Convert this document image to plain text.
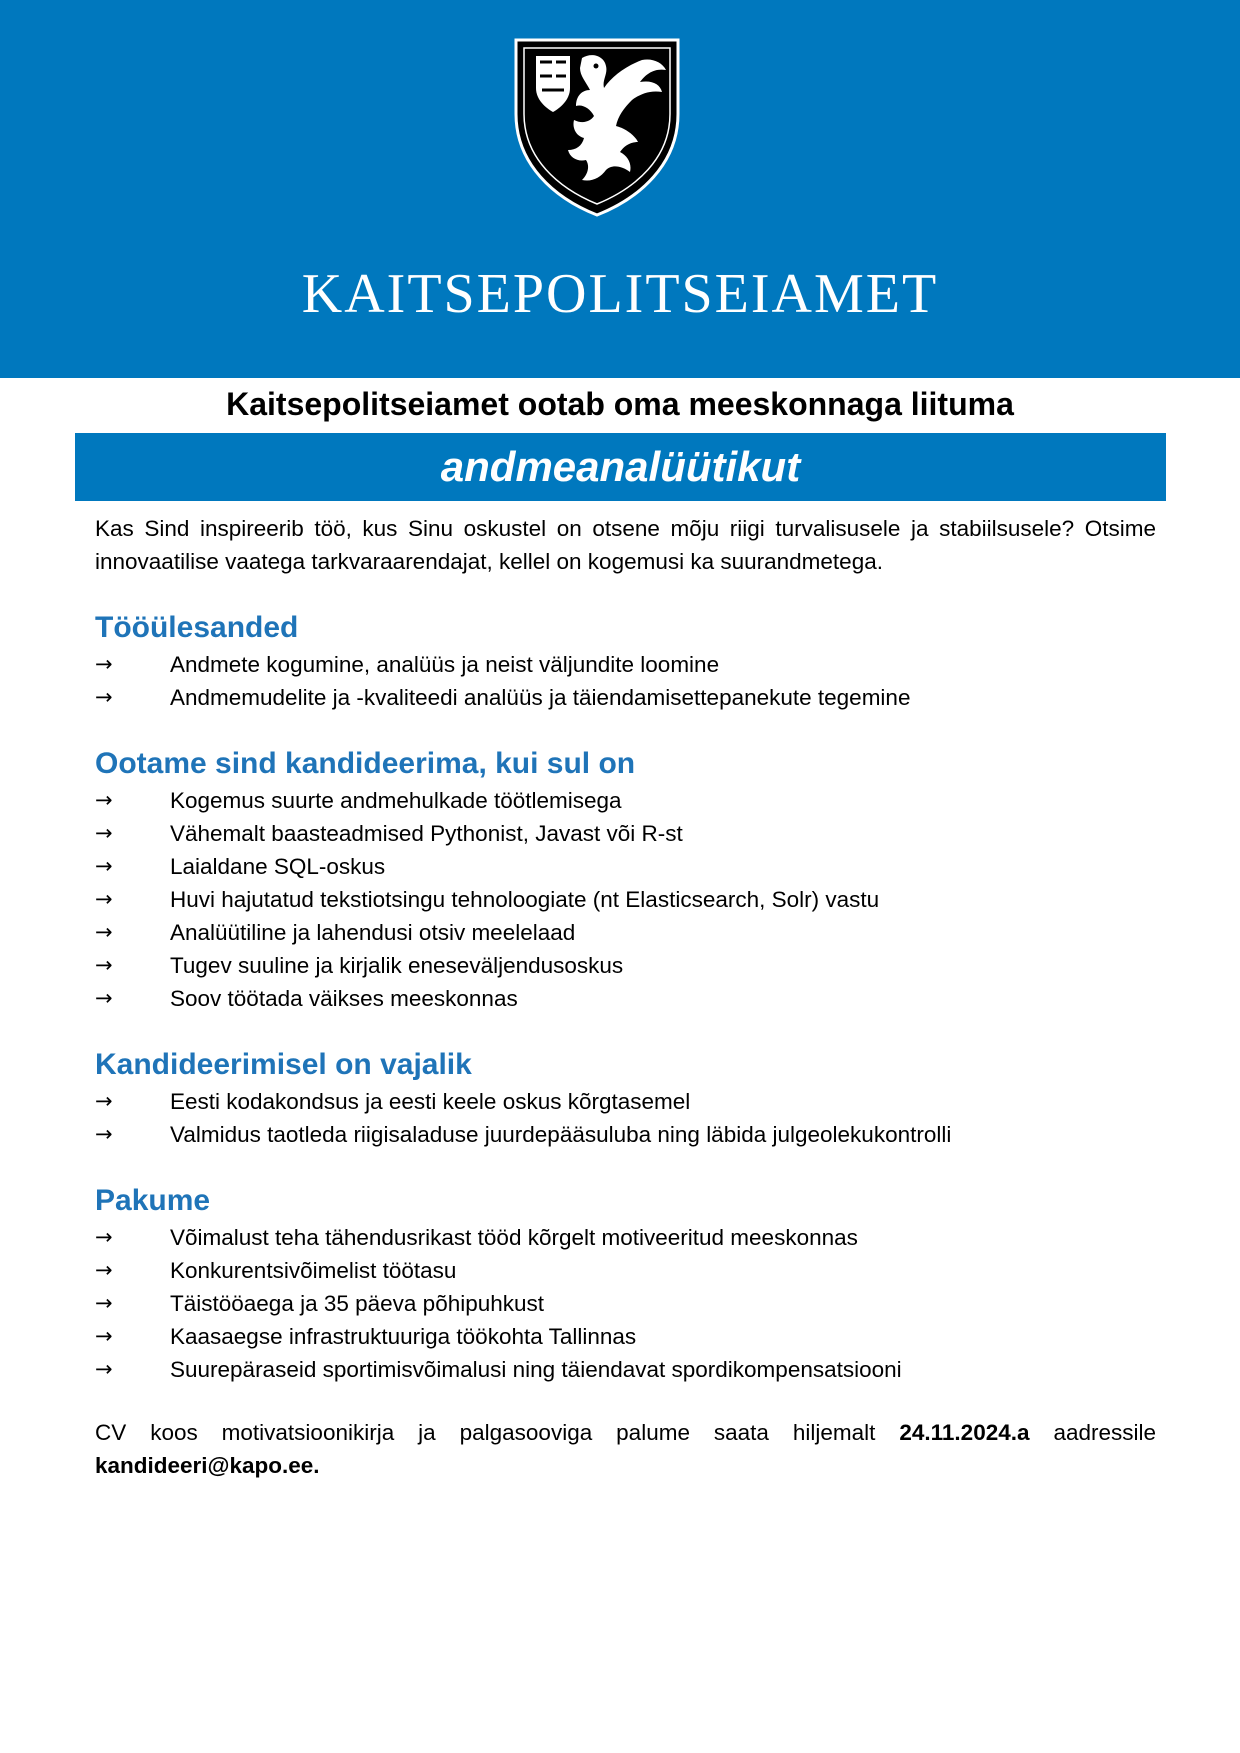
KAITSEPOLITSEIAMET
Kaitsepolitseiamet ootab oma meeskonnaga liituma
andmeanalüütikut

Kas Sind inspireerib töö, kus Sinu oskustel on otsene mõju riigi turvalisusele ja stabiilsusele? Otsime innovaatilise vaatega tarkvaraarendajat, kellel on kogemusi ka suurandmetega.

Tööülesanded
→	Andmete kogumine, analüüs ja neist väljundite loomine
→	Andmemudelite ja -kvaliteedi analüüs ja täiendamisettepanekute tegemine
Ootame sind kandideerima, kui sul on
→	Kogemus suurte andmehulkade töötlemisega
→	Vähemalt baasteadmised Pythonist, Javast või R-st
→	Laialdane SQL-oskus
→	Huvi hajutatud tekstiotsingu tehnoloogiate (nt Elasticsearch, Solr) vastu
→	Analüütiline ja lahendusi otsiv meelelaad
→	Tugev suuline ja kirjalik eneseväljendusoskus
→	Soov töötada väikses meeskonnas
Kandideerimisel on vajalik
→	Eesti kodakondsus ja eesti keele oskus kõrgtasemel
→	Valmidus taotleda riigisaladuse juurdepääsuluba ning läbida julgeolekukontrolli
Pakume
→	Võimalust teha tähendusrikast tööd kõrgelt motiveeritud meeskonnas
→	Konkurentsivõimelist töötasu
→	Täistööaega ja 35 päeva põhipuhkust
→	Kaasaegse infrastruktuuriga töökohta Tallinnas
→	Suurepäraseid sportimisvõimalusi ning täiendavat spordikompensatsiooni

CV koos motivatsioonikirja ja palgasooviga palume saata hiljemalt 24.11.2024.a aadressile kandideeri@kapo.ee.
